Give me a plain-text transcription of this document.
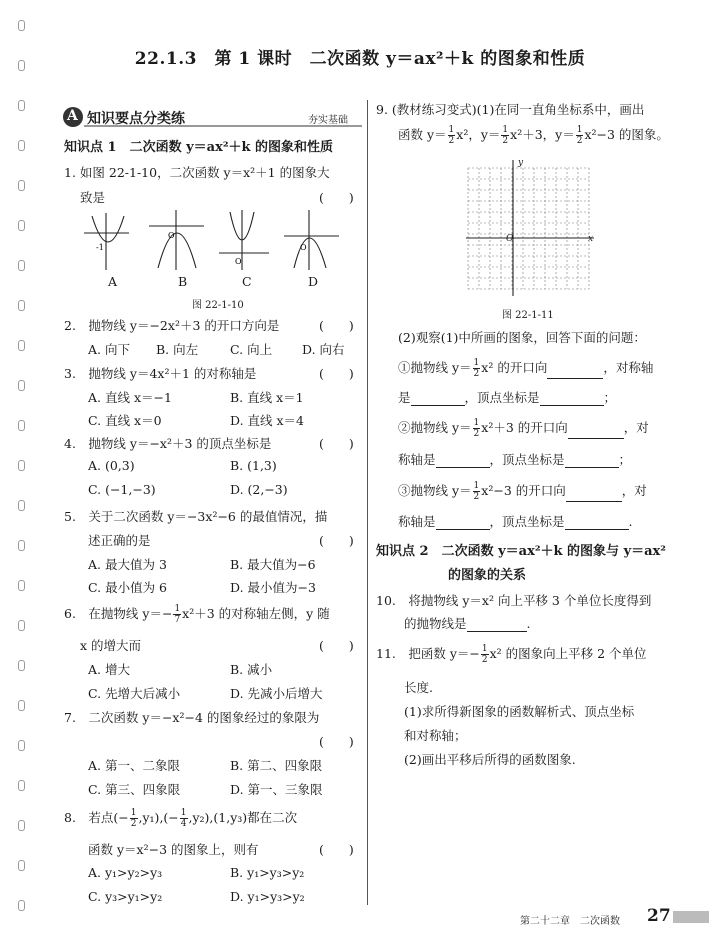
22.1.3　第 1 课时　二次函数 y＝ax²＋k 的图象和性质
A 知识要点分类练	夯实基础
知识点 1　二次函数 y＝ax²＋k 的图象和性质
1. 如图 22-1-10，二次函数 y＝x²＋1 的图象大
致是	(　　)
-1
O
O
O
A	B	C	D
图 22-1-10
2.　抛物线 y＝−2x²＋3 的开口方向是	(　　)
A. 向下 B. 向左	C. 向上 D. 向右
3.　抛物线 y＝4x²＋1 的对称轴是	(　　)
A. 直线 x＝−1	B. 直线 x＝1
C. 直线 x＝0	D. 直线 x＝4
4.　抛物线 y＝−x²＋3 的顶点坐标是	(　　)
A. (0,3)	B. (1,3)
C. (−1,−3)	D. (2,−3)
5.　关于二次函数 y＝−3x²−6 的最值情况，描
述正确的是	(　　)
A. 最大值为 3	B. 最大值为−6
C. 最小值为 6	D. 最小值为−3
6.　在抛物线 $y=- \frac{1}{7} x^2+3$ 的对称轴左侧，y 随
x 的增大而	(　　)
A. 增大	B. 减小
C. 先增大后减小	D. 先减小后增大
7.　二次函数 y＝−x²−4 的图象经过的象限为
(　　)
A. 第一、二象限	B. 第二、四象限
C. 第三、四象限	D. 第一、三象限
8.　若点(− $\frac{1}{2} ,y_1),(- \frac{1}{4} ,y_2),(1,y_3)$都在二次
函数 y＝x²−3 的图象上，则有	(　　)
A. y₁>y₂>y₃	B. y₁>y₃>y₂
C. y₃>y₁>y₂	D. y₁>y₃>y₂
9. (教材练习变式)(1)在同一直角坐标系中，画出
函数 $y= \frac{1}{2} x^2$，$y= \frac{1}{2} x^2+3$，$y= \frac{1}{2} x^2-3$ 的图象。
y
x
O
图 22-1-11
(2)观察(1)中所画的图象，回答下面的问题：
①抛物线 $y= \frac{1}{2} x^2$ 的开口向	，对称轴
是	，顶点坐标是	；
②抛物线 $y= \frac{1}{2} x^2+3$ 的开口向	，对
称轴是	，顶点坐标是	；
③抛物线 $y= \frac{1}{2} x^2-3$ 的开口向	，对
称轴是	，顶点坐标是	.
知识点 2　二次函数 y＝ax²＋k 的图象与 y＝ax²
的图象的关系
10.　将抛物线 y＝x² 向上平移 3 个单位长度得到
的抛物线是	.
11.　把函数 $y=- \frac{1}{2} x^2$ 的图象向上平移 2 个单位
长度.
(1)求所得新图象的函数解析式、顶点坐标
和对称轴；
(2)画出平移后所得的函数图象.
第二十二章　二次函数 27
